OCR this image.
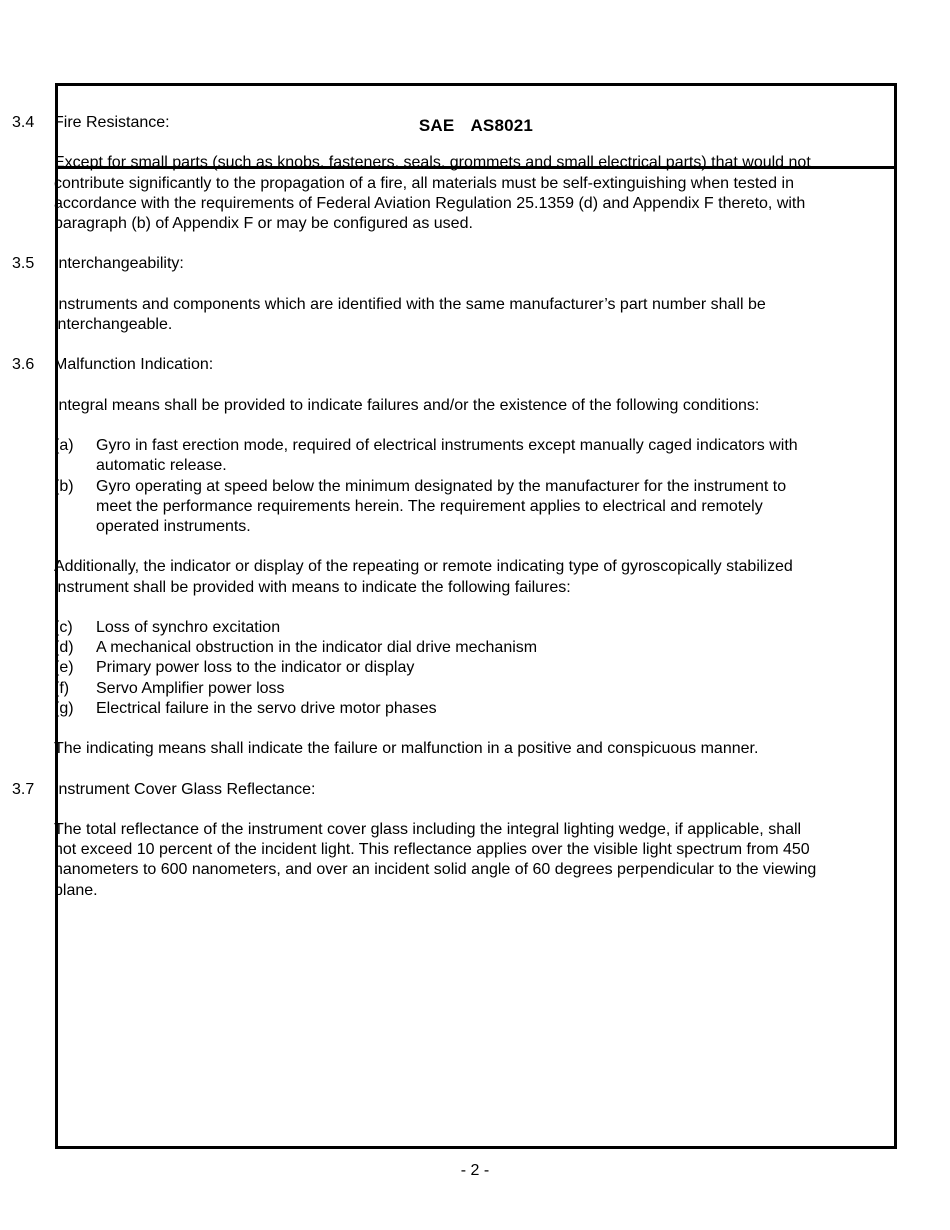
SAE AS8021
3.4	Fire Resistance:
Except for small parts (such as knobs, fasteners, seals, grommets and small electrical parts) that would not contribute significantly to the propagation of a fire, all materials must be self-extinguishing when tested in accordance with the requirements of Federal Aviation Regulation 25.1359 (d) and Appendix F thereto, with paragraph (b) of Appendix F or may be configured as used.
3.5	Interchangeability:
Instruments and components which are identified with the same manufacturer’s part number shall be interchangeable.
3.6	Malfunction Indication:
Integral means shall be provided to indicate failures and/or the existence of the following conditions:
(a)	Gyro in fast erection mode, required of electrical instruments except manually caged indicators with automatic release.
(b)	Gyro operating at speed below the minimum designated by the manufacturer for the instrument to meet the performance requirements herein. The requirement applies to electrical and remotely operated instruments.
Additionally, the indicator or display of the repeating or remote indicating type of gyroscopically stabilized instrument shall be provided with means to indicate the following failures:
(c)	Loss of synchro excitation
(d)	A mechanical obstruction in the indicator dial drive mechanism
(e)	Primary power loss to the indicator or display
(f)	Servo Amplifier power loss
(g)	Electrical failure in the servo drive motor phases
The indicating means shall indicate the failure or malfunction in a positive and conspicuous manner.
3.7	Instrument Cover Glass Reflectance:
The total reflectance of the instrument cover glass including the integral lighting wedge, if applicable, shall not exceed 10 percent of the incident light. This reflectance applies over the visible light spectrum from 450 nanometers to 600 nanometers, and over an incident solid angle of 60 degrees perpendicular to the viewing plane.
- 2 -
